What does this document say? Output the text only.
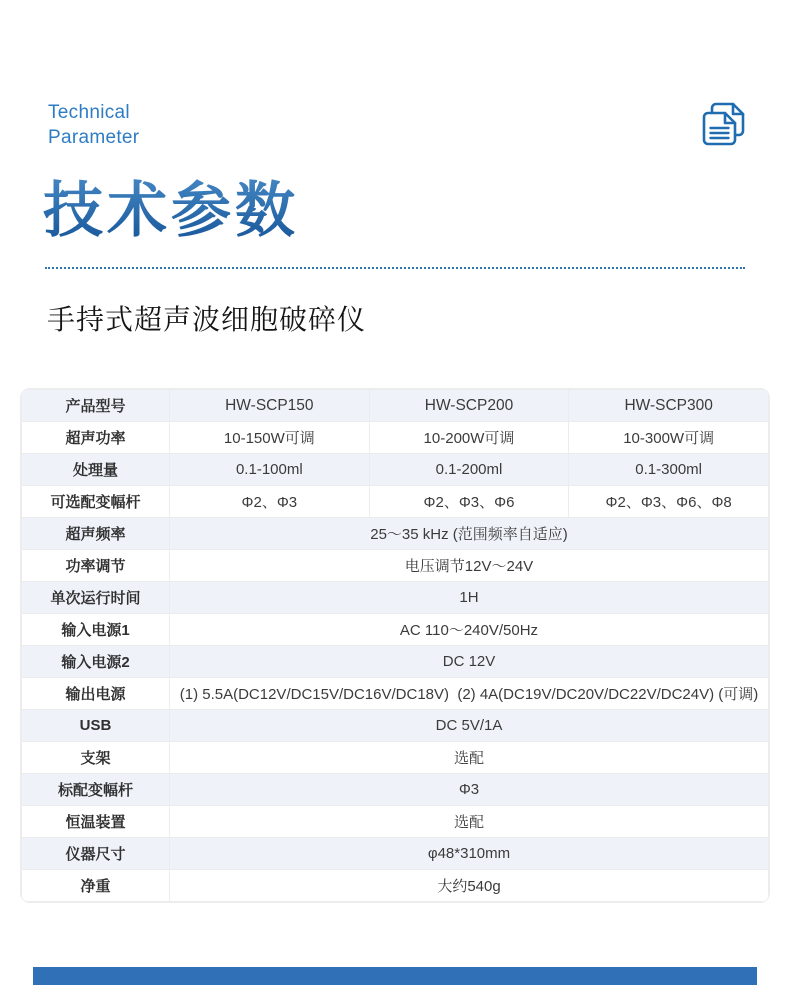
Technical
Parameter
技术参数
手持式超声波细胞破碎仪
产品型号	HW-SCP150	HW-SCP200	HW-SCP300
超声功率	10-150W可调	10-200W可调	10-300W可调
处理量	0.1-100ml	0.1-200ml	0.1-300ml
可选配变幅杆	Φ2、Φ3	Φ2、Φ3、Φ6	Φ2、Φ3、Φ6、Φ8
超声频率	25～35 kHz (范围频率自适应)		
功率调节	电压调节12V～24V		
单次运行时间	1H		
输入电源1	AC 110～240V/50Hz		
输入电源2	DC 12V		
输出电源	(1) 5.5A(DC12V/DC15V/DC16V/DC18V)  (2) 4A(DC19V/DC20V/DC22V/DC24V) (可调)		
USB	DC 5V/1A		
支架	选配		
标配变幅杆	Φ3		
恒温装置	选配		
仪器尺寸	φ48*310mm		
净重	大约540g		
